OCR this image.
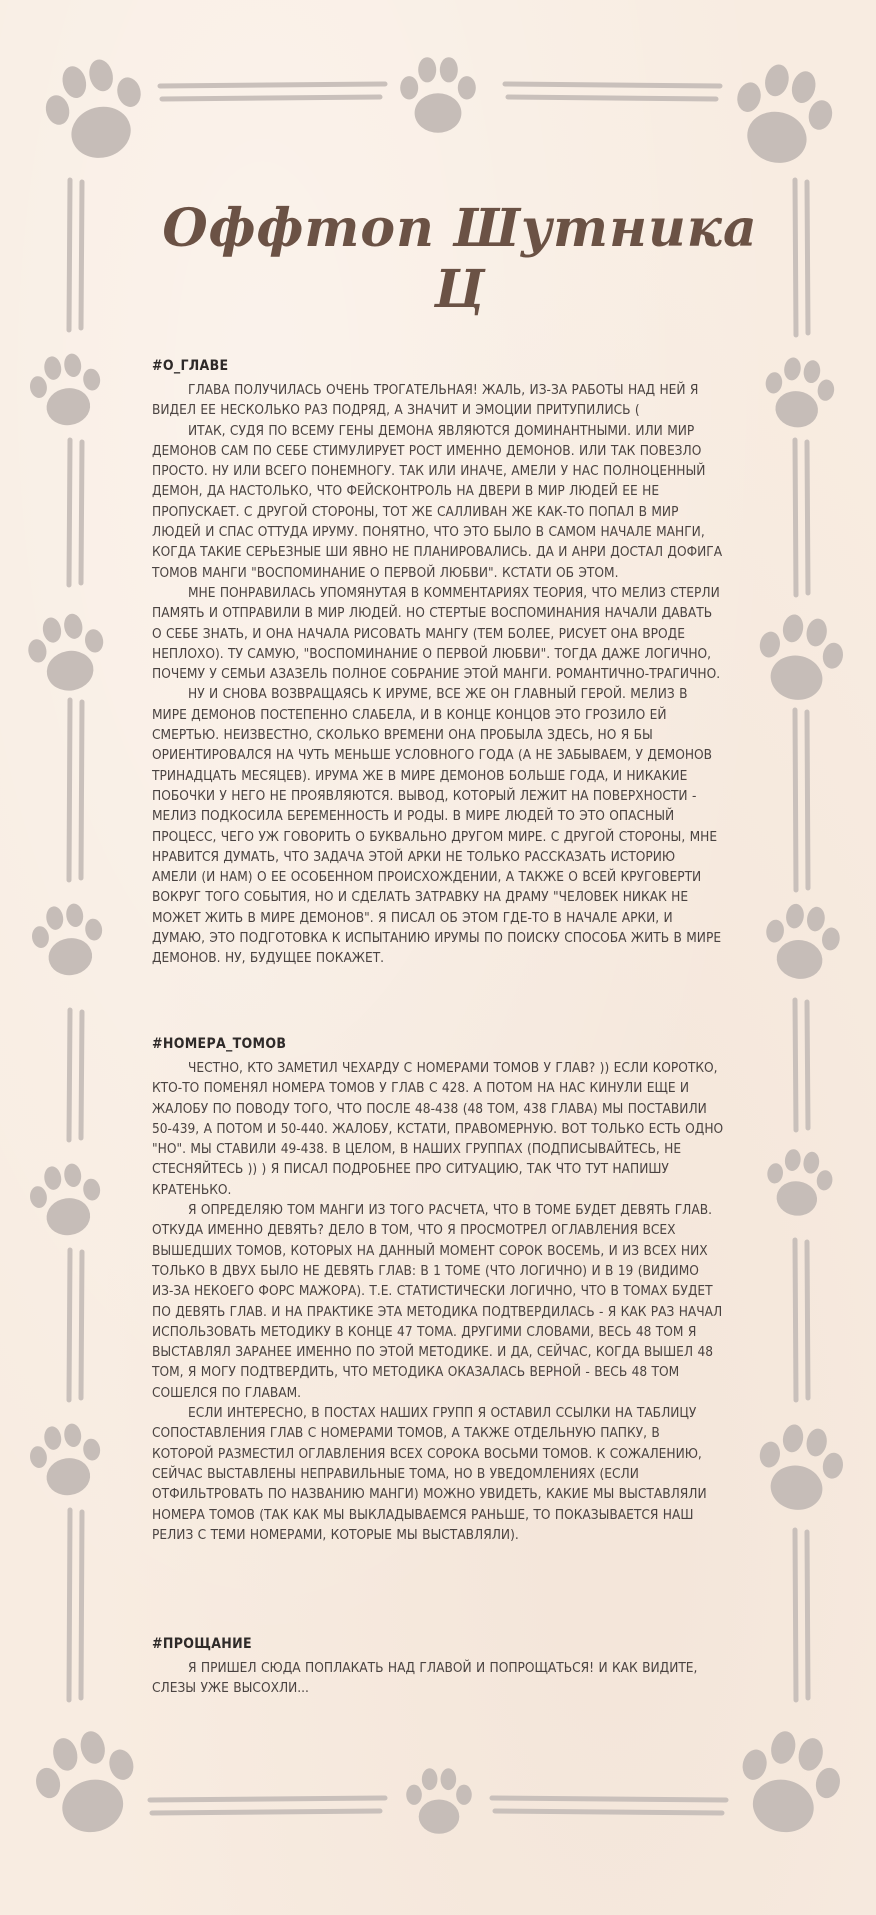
Оффтоп Шутника Ц
#О_ГЛАВЕ

ГЛАВА ПОЛУЧИЛАСЬ ОЧЕНЬ ТРОГАТЕЛЬНАЯ! ЖАЛЬ, ИЗ-ЗА РАБОТЫ НАД НЕЙ Я ВИДЕЛ ЕЕ НЕСКОЛЬКО РАЗ ПОДРЯД, А ЗНАЧИТ И ЭМОЦИИ ПРИТУПИЛИСЬ (

ИТАК, СУДЯ ПО ВСЕМУ ГЕНЫ ДЕМОНА ЯВЛЯЮТСЯ ДОМИНАНТНЫМИ. ИЛИ МИР ДЕМОНОВ САМ ПО СЕБЕ СТИМУЛИРУЕТ РОСТ ИМЕННО ДЕМОНОВ. ИЛИ ТАК ПОВЕЗЛО ПРОСТО. НУ ИЛИ ВСЕГО ПОНЕМНОГУ. ТАК ИЛИ ИНАЧЕ, АМЕЛИ У НАС ПОЛНОЦЕННЫЙ ДЕМОН, ДА НАСТОЛЬКО, ЧТО ФЕЙСКОНТРОЛЬ НА ДВЕРИ В МИР ЛЮДЕЙ ЕЕ НЕ ПРОПУСКАЕТ. С ДРУГОЙ СТОРОНЫ, ТОТ ЖЕ САЛЛИВАН ЖЕ КАК-ТО ПОПАЛ В МИР ЛЮДЕЙ И СПАС ОТТУДА ИРУМУ. ПОНЯТНО, ЧТО ЭТО БЫЛО В САМОМ НАЧАЛЕ МАНГИ, КОГДА ТАКИЕ СЕРЬЕЗНЫЕ ШИ ЯВНО НЕ ПЛАНИРОВАЛИСЬ. ДА И АНРИ ДОСТАЛ ДОФИГА ТОМОВ МАНГИ "ВОСПОМИНАНИЕ О ПЕРВОЙ ЛЮБВИ". КСТАТИ ОБ ЭТОМ.

МНЕ ПОНРАВИЛАСЬ УПОМЯНУТАЯ В КОММЕНТАРИЯХ ТЕОРИЯ, ЧТО МЕЛИЗ СТЕРЛИ ПАМЯТЬ И ОТПРАВИЛИ В МИР ЛЮДЕЙ. НО СТЕРТЫЕ ВОСПОМИНАНИЯ НАЧАЛИ ДАВАТЬ О СЕБЕ ЗНАТЬ, И ОНА НАЧАЛА РИСОВАТЬ МАНГУ (ТЕМ БОЛЕЕ, РИСУЕТ ОНА ВРОДЕ НЕПЛОХО). ТУ САМУЮ, "ВОСПОМИНАНИЕ О ПЕРВОЙ ЛЮБВИ". ТОГДА ДАЖЕ ЛОГИЧНО, ПОЧЕМУ У СЕМЬИ АЗАЗЕЛЬ ПОЛНОЕ СОБРАНИЕ ЭТОЙ МАНГИ. РОМАНТИЧНО-ТРАГИЧНО.

НУ И СНОВА ВОЗВРАЩАЯСЬ К ИРУМЕ, ВСЕ ЖЕ ОН ГЛАВНЫЙ ГЕРОЙ. МЕЛИЗ В МИРЕ ДЕМОНОВ ПОСТЕПЕННО СЛАБЕЛА, И В КОНЦЕ КОНЦОВ ЭТО ГРОЗИЛО ЕЙ СМЕРТЬЮ. НЕИЗВЕСТНО, СКОЛЬКО ВРЕМЕНИ ОНА ПРОБЫЛА ЗДЕСЬ, НО Я БЫ ОРИЕНТИРОВАЛСЯ НА ЧУТЬ МЕНЬШЕ УСЛОВНОГО ГОДА (А НЕ ЗАБЫВАЕМ, У ДЕМОНОВ ТРИНАДЦАТЬ МЕСЯЦЕВ). ИРУМА ЖЕ В МИРЕ ДЕМОНОВ БОЛЬШЕ ГОДА, И НИКАКИЕ ПОБОЧКИ У НЕГО НЕ ПРОЯВЛЯЮТСЯ. ВЫВОД, КОТОРЫЙ ЛЕЖИТ НА ПОВЕРХНОСТИ - МЕЛИЗ ПОДКОСИЛА БЕРЕМЕННОСТЬ И РОДЫ. В МИРЕ ЛЮДЕЙ ТО ЭТО ОПАСНЫЙ ПРОЦЕСС, ЧЕГО УЖ ГОВОРИТЬ О БУКВАЛЬНО ДРУГОМ МИРЕ. С ДРУГОЙ СТОРОНЫ, МНЕ НРАВИТСЯ ДУМАТЬ, ЧТО ЗАДАЧА ЭТОЙ АРКИ НЕ ТОЛЬКО РАССКАЗАТЬ ИСТОРИЮ АМЕЛИ (И НАМ) О ЕЕ ОСОБЕННОМ ПРОИСХОЖДЕНИИ, А ТАКЖЕ О ВСЕЙ КРУГОВЕРТИ ВОКРУГ ТОГО СОБЫТИЯ, НО И СДЕЛАТЬ ЗАТРАВКУ НА ДРАМУ "ЧЕЛОВЕК НИКАК НЕ МОЖЕТ ЖИТЬ В МИРЕ ДЕМОНОВ". Я ПИСАЛ ОБ ЭТОМ ГДЕ-ТО В НАЧАЛЕ АРКИ, И ДУМАЮ, ЭТО ПОДГОТОВКА К ИСПЫТАНИЮ ИРУМЫ ПО ПОИСКУ СПОСОБА ЖИТЬ В МИРЕ ДЕМОНОВ. НУ, БУДУЩЕЕ ПОКАЖЕТ.

#НОМЕРА_ТОМОВ

ЧЕСТНО, КТО ЗАМЕТИЛ ЧЕХАРДУ С НОМЕРАМИ ТОМОВ У ГЛАВ? )) ЕСЛИ КОРОТКО, КТО-ТО ПОМЕНЯЛ НОМЕРА ТОМОВ У ГЛАВ С 428. А ПОТОМ НА НАС КИНУЛИ ЕЩЕ И ЖАЛОБУ ПО ПОВОДУ ТОГО, ЧТО ПОСЛЕ 48-438 (48 ТОМ, 438 ГЛАВА) МЫ ПОСТАВИЛИ 50-439, А ПОТОМ И 50-440. ЖАЛОБУ, КСТАТИ, ПРАВОМЕРНУЮ. ВОТ ТОЛЬКО ЕСТЬ ОДНО "НО". МЫ СТАВИЛИ 49-438. В ЦЕЛОМ, В НАШИХ ГРУППАХ (ПОДПИСЫВАЙТЕСЬ, НЕ СТЕСНЯЙТЕСЬ )) ) Я ПИСАЛ ПОДРОБНЕЕ ПРО СИТУАЦИЮ, ТАК ЧТО ТУТ НАПИШУ КРАТЕНЬКО.

Я ОПРЕДЕЛЯЮ ТОМ МАНГИ ИЗ ТОГО РАСЧЕТА, ЧТО В ТОМЕ БУДЕТ ДЕВЯТЬ ГЛАВ. ОТКУДА ИМЕННО ДЕВЯТЬ? ДЕЛО В ТОМ, ЧТО Я ПРОСМОТРЕЛ ОГЛАВЛЕНИЯ ВСЕХ ВЫШЕДШИХ ТОМОВ, КОТОРЫХ НА ДАННЫЙ МОМЕНТ СОРОК ВОСЕМЬ, И ИЗ ВСЕХ НИХ ТОЛЬКО В ДВУХ БЫЛО НЕ ДЕВЯТЬ ГЛАВ: В 1 ТОМЕ (ЧТО ЛОГИЧНО) И В 19 (ВИДИМО ИЗ-ЗА НЕКОЕГО ФОРС МАЖОРА). Т.Е. СТАТИСТИЧЕСКИ ЛОГИЧНО, ЧТО В ТОМАХ БУДЕТ ПО ДЕВЯТЬ ГЛАВ. И НА ПРАКТИКЕ ЭТА МЕТОДИКА ПОДТВЕРДИЛАСЬ - Я КАК РАЗ НАЧАЛ ИСПОЛЬЗОВАТЬ МЕТОДИКУ В КОНЦЕ 47 ТОМА. ДРУГИМИ СЛОВАМИ, ВЕСЬ 48 ТОМ Я ВЫСТАВЛЯЛ ЗАРАНЕЕ ИМЕННО ПО ЭТОЙ МЕТОДИКЕ. И ДА, СЕЙЧАС, КОГДА ВЫШЕЛ 48 ТОМ, Я МОГУ ПОДТВЕРДИТЬ, ЧТО МЕТОДИКА ОКАЗАЛАСЬ ВЕРНОЙ - ВЕСЬ 48 ТОМ СОШЕЛСЯ ПО ГЛАВАМ.

ЕСЛИ ИНТЕРЕСНО, В ПОСТАХ НАШИХ ГРУПП Я ОСТАВИЛ ССЫЛКИ НА ТАБЛИЦУ СОПОСТАВЛЕНИЯ ГЛАВ С НОМЕРАМИ ТОМОВ, А ТАКЖЕ ОТДЕЛЬНУЮ ПАПКУ, В КОТОРОЙ РАЗМЕСТИЛ ОГЛАВЛЕНИЯ ВСЕХ СОРОКА ВОСЬМИ ТОМОВ. К СОЖАЛЕНИЮ, СЕЙЧАС ВЫСТАВЛЕНЫ НЕПРАВИЛЬНЫЕ ТОМА, НО В УВЕДОМЛЕНИЯХ (ЕСЛИ ОТФИЛЬТРОВАТЬ ПО НАЗВАНИЮ МАНГИ) МОЖНО УВИДЕТЬ, КАКИЕ МЫ ВЫСТАВЛЯЛИ НОМЕРА ТОМОВ (ТАК КАК МЫ ВЫКЛАДЫВАЕМСЯ РАНЬШЕ, ТО ПОКАЗЫВАЕТСЯ НАШ РЕЛИЗ С ТЕМИ НОМЕРАМИ, КОТОРЫЕ МЫ ВЫСТАВЛЯЛИ).

#ПРОЩАНИЕ

Я ПРИШЕЛ СЮДА ПОПЛАКАТЬ НАД ГЛАВОЙ И ПОПРОЩАТЬСЯ! И КАК ВИДИТЕ, СЛЕЗЫ УЖЕ ВЫСОХЛИ...
